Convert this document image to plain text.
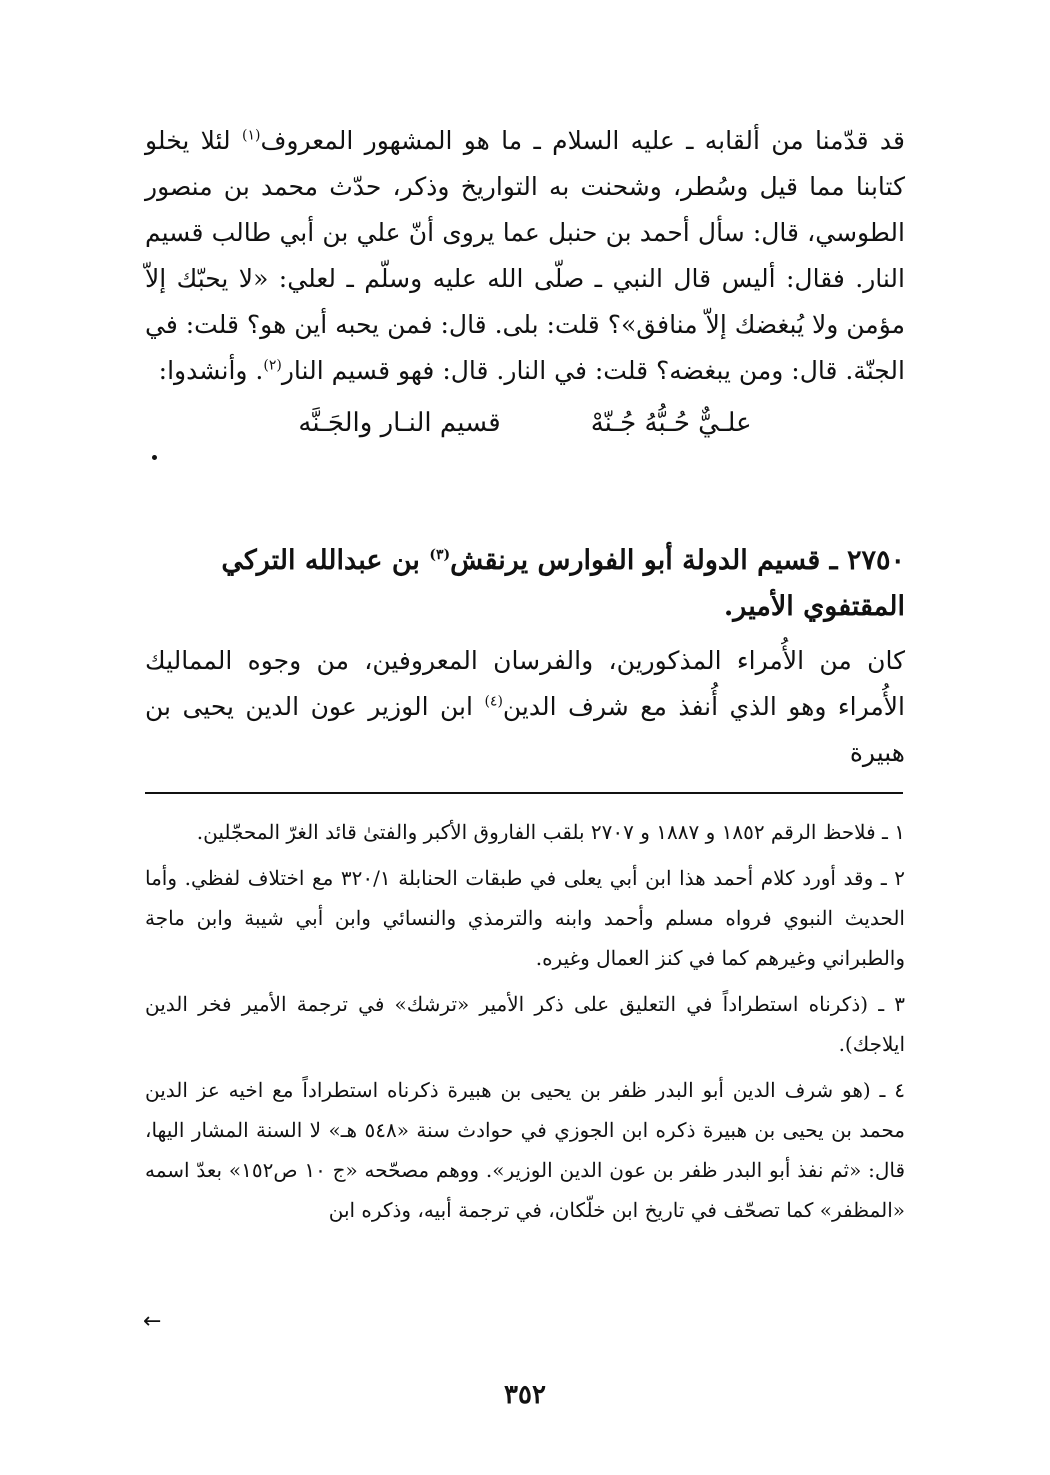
قد قدّمنا من ألقابه ـ عليه السلام ـ ما هو المشهور المعروف$^{(١)}$ لئلا يخلو كتابنا مما قيل وسُطر، وشحنت به التواريخ وذكر، حدّث محمد بن منصور الطوسي، قال: سأل أحمد بن حنبل عما يروى أنّ علي بن أبي طالب قسيم النار. فقال: أليس قال النبي ـ صلّى الله عليه وسلّم ـ لعلي: «لا يحبّك إلاّ مؤمن ولا يُبغضك إلاّ منافق»؟ قلت: بلى. قال: فمن يحبه أين هو؟ قلت: في الجنّة. قال: ومن يبغضه؟ قلت: في النار. قال: فهو قسيم النار$^{(٢)}$. وأنشدوا:

علـيٌّ حُـبُّهُ جُـنّهْ
قسيم النـار والجَـنَّه
٢٧٥٠ ـ قسيم الدولة أبو الفوارس يرنقش$^{(٣)}$ بن عبدالله التركي المقتفوي الأمير.

كان من الأُمراء المذكورين، والفرسان المعروفين، من وجوه المماليك الأُمراء وهو الذي أُنفذ مع شرف الدين$^{(٤)}$ ابن الوزير عون الدين يحيى بن هبيرة

١ ـ فلاحظ الرقم ١٨٥٢ و ١٨٨٧ و ٢٧٠٧ بلقب الفاروق الأكبر والفتىٰ قائد الغرّ المحجّلين.

٢ ـ وقد أورد كلام أحمد هذا ابن أبي يعلى في طبقات الحنابلة ٣٢٠/١ مع اختلاف لفظي. وأما الحديث النبوي فرواه مسلم وأحمد وابنه والترمذي والنسائي وابن أبي شيبة وابن ماجة والطبراني وغيرهم كما في كنز العمال وغيره.

٣ ـ (ذكرناه استطراداً في التعليق على ذكر الأمير «ترشك» في ترجمة الأمير فخر الدين ايلاجك).

٤ ـ (هو شرف الدين أبو البدر ظفر بن يحيى بن هبيرة ذكرناه استطراداً مع اخيه عز الدين محمد بن يحيى بن هبيرة ذكره ابن الجوزي في حوادث سنة «٥٤٨ هـ» لا السنة المشار اليها، قال: «ثم نفذ أبو البدر ظفر بن عون الدين الوزير». ووهم مصحّحه «ج ١٠ ص١٥٢» بعدّ اسمه «المظفر» كما تصحّف في تاريخ ابن خلّكان، في ترجمة أبيه، وذكره ابن

←
٣٥٢
